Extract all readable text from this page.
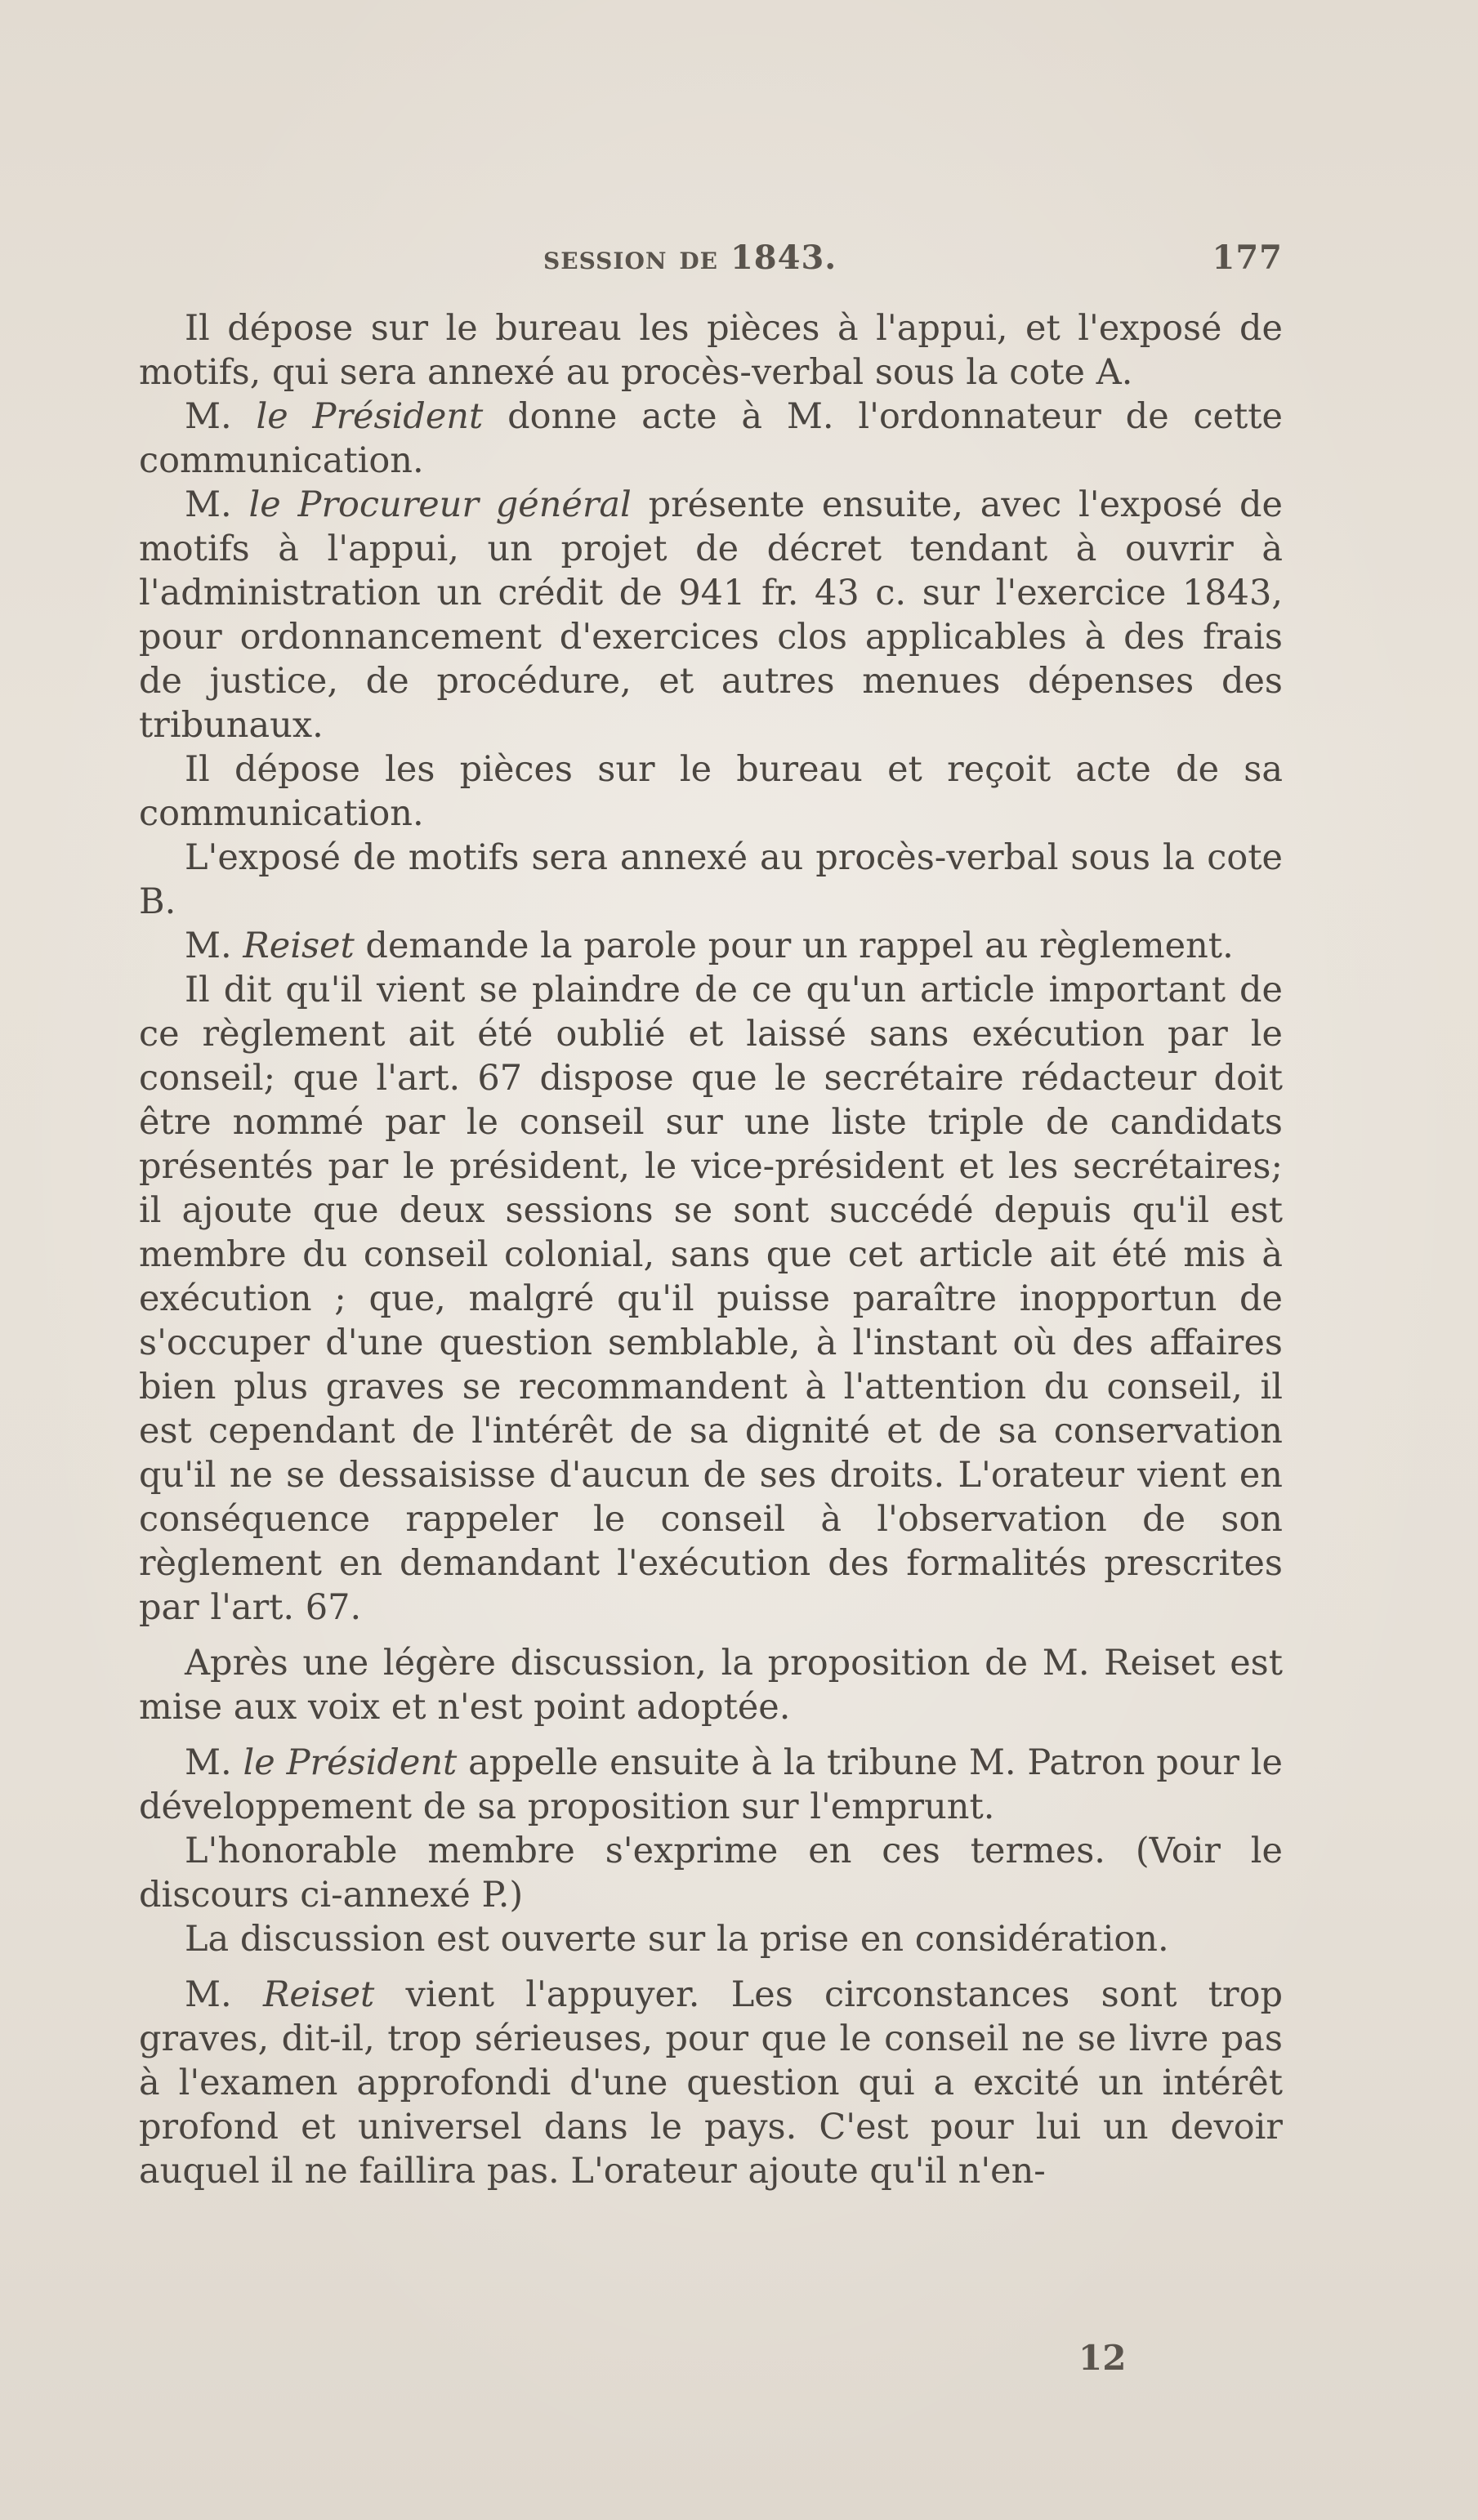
session de 1843.	177

Il dépose sur le bureau les pièces à l'appui, et l'exposé de motifs, qui sera annexé au procès-verbal sous la cote A.

M. le Président donne acte à M. l'ordonnateur de cette communication.

M. le Procureur général présente ensuite, avec l'exposé de motifs à l'appui, un projet de décret tendant à ouvrir à l'administration un crédit de 941 fr. 43 c. sur l'exercice 1843, pour ordonnancement d'exercices clos applicables à des frais de justice, de procédure, et autres menues dépenses des tribunaux.

Il dépose les pièces sur le bureau et reçoit acte de sa communication.

L'exposé de motifs sera annexé au procès-verbal sous la cote B.

M. Reiset demande la parole pour un rappel au règlement.

Il dit qu'il vient se plaindre de ce qu'un article important de ce règlement ait été oublié et laissé sans exécution par le conseil; que l'art. 67 dispose que le secrétaire rédacteur doit être nommé par le conseil sur une liste triple de candidats présentés par le président, le vice-président et les secrétaires; il ajoute que deux sessions se sont succédé depuis qu'il est membre du conseil colonial, sans que cet article ait été mis à exécution ; que, malgré qu'il puisse paraître inopportun de s'occuper d'une question semblable, à l'instant où des affaires bien plus graves se recommandent à l'attention du conseil, il est cependant de l'intérêt de sa dignité et de sa conservation qu'il ne se dessaisisse d'aucun de ses droits. L'orateur vient en conséquence rappeler le conseil à l'observation de son règlement en demandant l'exécution des formalités prescrites par l'art. 67.

Après une légère discussion, la proposition de M. Reiset est mise aux voix et n'est point adoptée.

M. le Président appelle ensuite à la tribune M. Patron pour le développement de sa proposition sur l'emprunt.

L'honorable membre s'exprime en ces termes. (Voir le discours ci-annexé P.)

La discussion est ouverte sur la prise en considération.

M. Reiset vient l'appuyer. Les circonstances sont trop graves, dit-il, trop sérieuses, pour que le conseil ne se livre pas à l'examen approfondi d'une question qui a excité un intérêt profond et universel dans le pays. C'est pour lui un devoir auquel il ne faillira pas. L'orateur ajoute qu'il n'en-

12
